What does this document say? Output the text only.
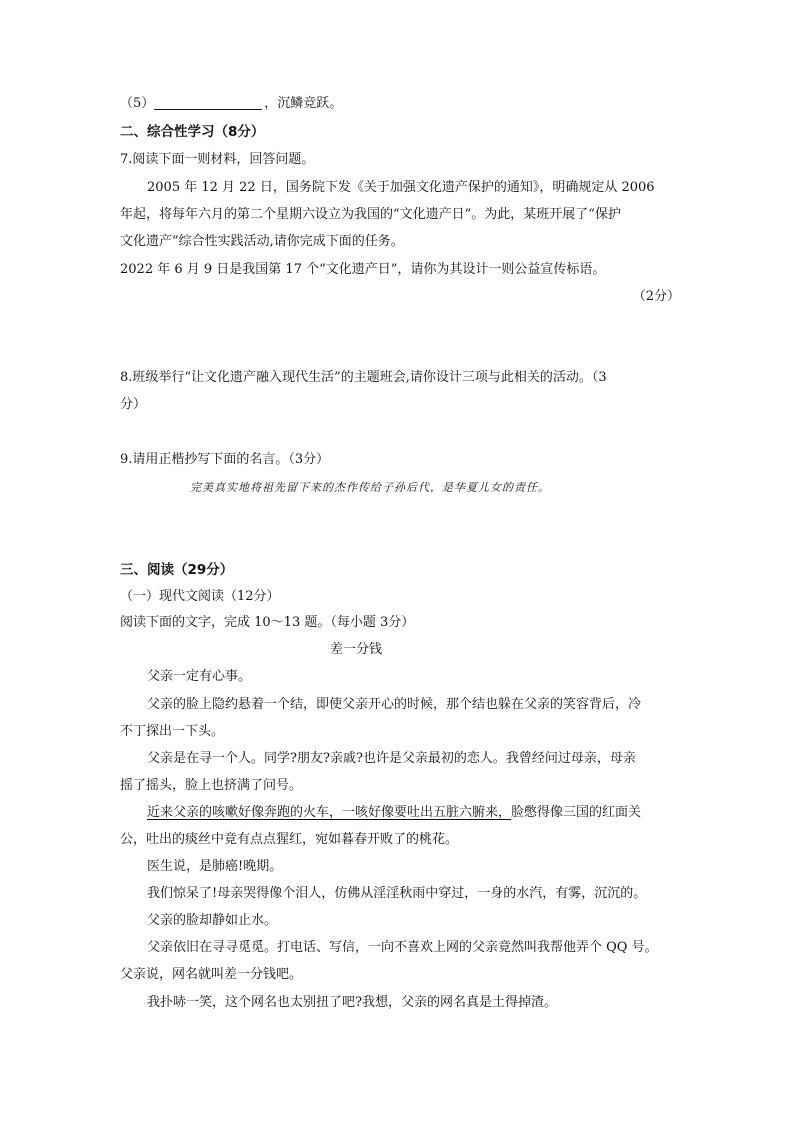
（5）	，沉鳞竞跃。
二、综合性学习（8分）
7.阅读下面一则材料，回答问题。
2005 年 12 月 22 日，国务院下发《关于加强文化遗产保护的通知》，明确规定从 2006
年起，将每年六月的第二个星期六设立为我国的“文化遗产日”。为此，某班开展了“保护
文化遗产”综合性实践活动,请你完成下面的任务。
2022 年 6 月 9 日是我国第 17 个“文化遗产日”，请你为其设计一则公益宣传标语。
（2分）
8.班级举行“让文化遗产融入现代生活”的主题班会,请你设计三项与此相关的活动。（3
分）
9.请用正楷抄写下面的名言。（3分）
完美真实地将祖先留下来的杰作传给子孙后代，是华夏儿女的责任。
三、阅读（29分）
（一）现代文阅读（12分）
阅读下面的文字，完成 10～13 题。（每小题 3分）
差一分钱
父亲一定有心事。
父亲的脸上隐约悬着一个结，即使父亲开心的时候，那个结也躲在父亲的笑容背后，冷
不丁探出一下头。
父亲是在寻一个人。同学?朋友?亲戚?也许是父亲最初的恋人。我曾经问过母亲，母亲
摇了摇头，脸上也挤满了问号。
近来父亲的咳嗽好像奔跑的火车，一咳好像要吐出五脏六腑来，脸憋得像三国的红面关
公，吐出的痰丝中竟有点点猩红，宛如暮春开败了的桃花。
医生说，是肺癌!晚期。
我们惊呆了!母亲哭得像个泪人，仿佛从淫淫秋雨中穿过，一身的水汽，有雾，沉沉的。
父亲的脸却静如止水。
父亲依旧在寻寻觅觅。打电话、写信，一向不喜欢上网的父亲竟然叫我帮他弄个 QQ 号。
父亲说，网名就叫差一分钱吧。
我扑哧一笑，这个网名也太别扭了吧?我想，父亲的网名真是土得掉渣。
